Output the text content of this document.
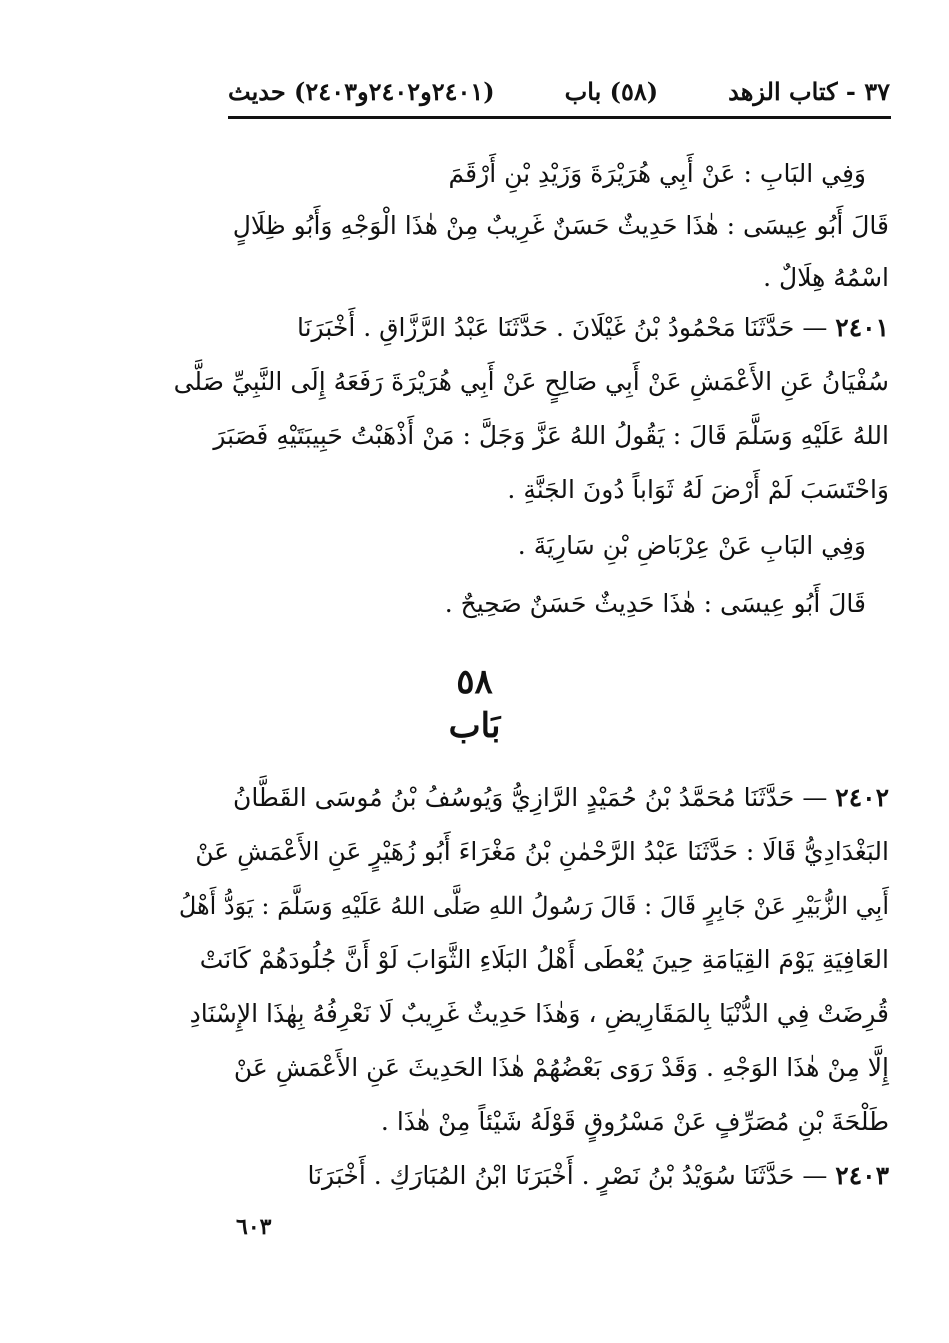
٣٧ - كتاب الزهد
(٥٨) باب
(٢٤٠١و٢٤٠٢و٢٤٠٣) حديث
وَفِي البَابِ : عَنْ أَبِي هُرَيْرَةَ وَزَيْدِ بْنِ أَرْقَمَ
قَالَ أَبُو عِيسَى : هٰذَا حَدِيثٌ حَسَنٌ غَرِيبٌ مِنْ هٰذَا الْوَجْهِ وَأَبُو ظِلَالٍ
اسْمُهُ هِلَالٌ .
٢٤٠١ — حَدَّثَنَا مَحْمُودُ بْنُ غَيْلَانَ . حَدَّثَنَا عَبْدُ الرَّزَّاقِ . أَخْبَرَنَا
سُفْيَانُ عَنِ الأَعْمَشِ عَنْ أَبِي صَالِحٍ عَنْ أَبِي هُرَيْرَةَ رَفَعَهُ إِلَى النَّبِيِّ صَلَّى
اللهُ عَلَيْهِ وَسَلَّمَ قَالَ : يَقُولُ اللهُ عَزَّ وَجَلَّ : مَنْ أَذْهَبْتُ حَبِيبَتَيْهِ فَصَبَرَ
وَاحْتَسَبَ لَمْ أَرْضَ لَهُ ثَوَاباً دُونَ الجَنَّةِ .
وَفِي البَابِ عَنْ عِرْبَاضِ بْنِ سَارِيَةَ .
قَالَ أَبُو عِيسَى : هٰذَا حَدِيثٌ حَسَنٌ صَحِيحٌ .
٥٨
بَاب
٢٤٠٢ — حَدَّثَنَا مُحَمَّدُ بْنُ حُمَيْدٍ الرَّازِيُّ وَيُوسُفُ بْنُ مُوسَى القَطَّانُ
البَغْدَادِيُّ قَالَا : حَدَّثَنَا عَبْدُ الرَّحْمٰنِ بْنُ مَغْرَاءَ أَبُو زُهَيْرٍ عَنِ الأَعْمَشِ عَنْ
أَبِي الزُّبَيْرِ عَنْ جَابِرٍ قَالَ : قَالَ رَسُولُ اللهِ صَلَّى اللهُ عَلَيْهِ وَسَلَّمَ : يَوَدُّ أَهْلُ
العَافِيَةِ يَوْمَ القِيَامَةِ حِينَ يُعْطَى أَهْلُ البَلَاءِ الثَّوَابَ لَوْ أَنَّ جُلُودَهُمْ كَانَتْ
قُرِضَتْ فِي الدُّنْيَا بِالمَقَارِيضِ ، وَهٰذَا حَدِيثٌ غَرِيبٌ لَا نَعْرِفُهُ بِهٰذَا الإِسْنَادِ
إِلَّا مِنْ هٰذَا الوَجْهِ . وَقَدْ رَوَى بَعْضُهُمْ هٰذَا الحَدِيثَ عَنِ الأَعْمَشِ عَنْ
طَلْحَةَ بْنِ مُصَرِّفٍ عَنْ مَسْرُوقٍ قَوْلَهُ شَيْئاً مِنْ هٰذَا .
٢٤٠٣ — حَدَّثَنَا سُوَيْدُ بْنُ نَصْرٍ . أَخْبَرَنَا ابْنُ المُبَارَكِ . أَخْبَرَنَا
٦٠٣
